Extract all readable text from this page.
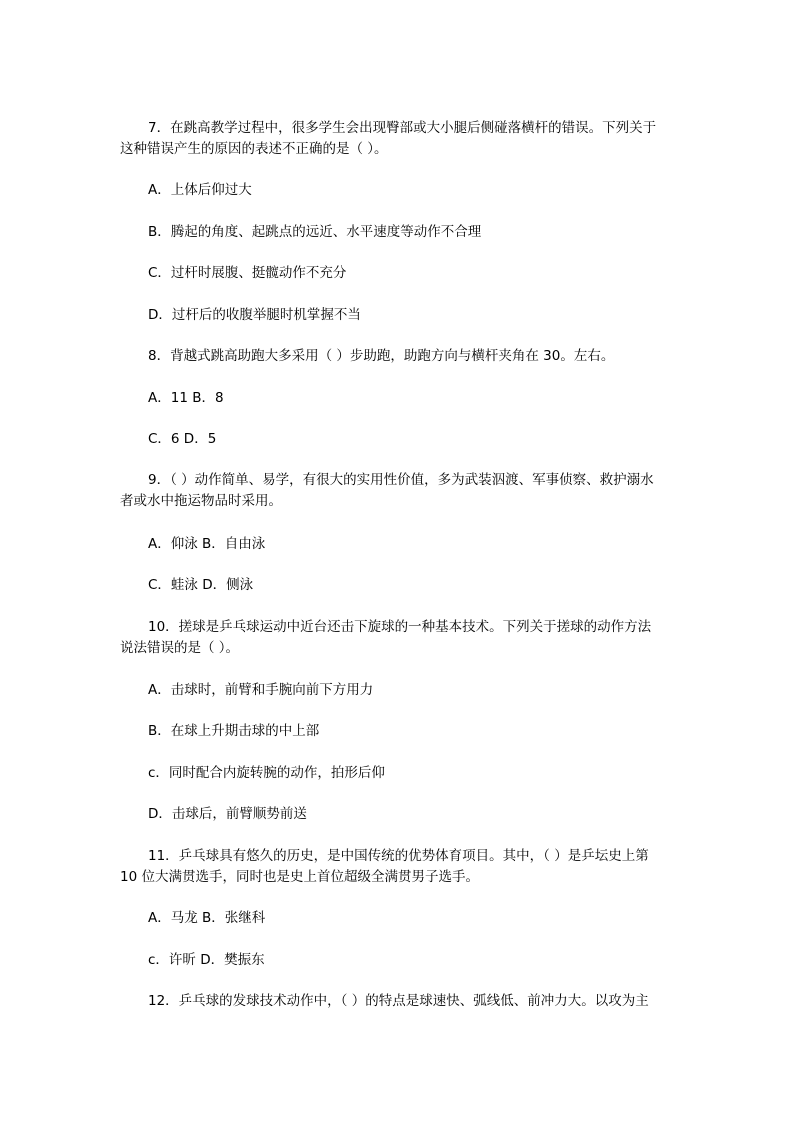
7．在跳高教学过程中，很多学生会出现臀部或大小腿后侧碰落横杆的错误。下列关于
这种错误产生的原因的表述不正确的是（ ）。
A．上体后仰过大
B．腾起的角度、起跳点的远近、水平速度等动作不合理
C．过杆时展腹、挺髋动作不充分
D．过杆后的收腹举腿时机掌握不当
8．背越式跳高助跑大多采用（ ）步助跑，助跑方向与横杆夹角在 30。左右。
A．11 B．8
C．6 D．5
9．（ ）动作简单、易学，有很大的实用性价值，多为武装泅渡、军事侦察、救护溺水
者或水中拖运物品时采用。
A．仰泳 B．自由泳
C．蛙泳 D．侧泳
10．搓球是乒乓球运动中近台还击下旋球的一种基本技术。下列关于搓球的动作方法
说法错误的是（ ）。
A．击球时，前臂和手腕向前下方用力
B．在球上升期击球的中上部
c．同时配合内旋转腕的动作，拍形后仰
D．击球后，前臂顺势前送
11．乒乓球具有悠久的历史，是中国传统的优势体育项目。其中，（ ）是乒坛史上第
10 位大满贯选手，同时也是史上首位超级全满贯男子选手。
A．马龙 B．张继科
c．许昕 D．樊振东
12．乒乓球的发球技术动作中，（ ）的特点是球速快、弧线低、前冲力大。以攻为主
